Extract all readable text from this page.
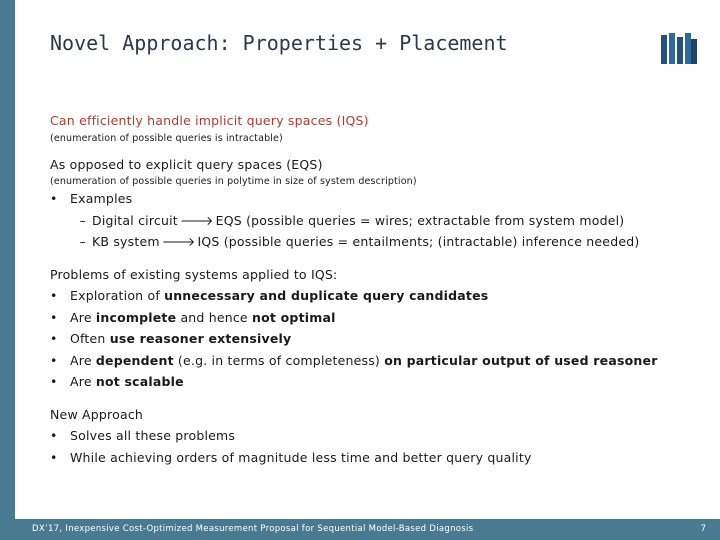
Novel Approach: Properties + Placement
Can efficiently handle implicit query spaces (IQS)
(enumeration of possible queries is intractable)
As opposed to explicit query spaces (EQS)
(enumeration of possible queries in polytime in size of system description)
• Examples
– Digital circuit 🡒 EQS (possible queries = wires; extractable from system model)
– KB system 🡒 IQS (possible queries = entailments; (intractable) inference needed)
Problems of existing systems applied to IQS:
• Exploration of unnecessary and duplicate query candidates
• Are incomplete and hence not optimal
• Often use reasoner extensively
• Are dependent (e.g. in terms of completeness) on particular output of used reasoner
• Are not scalable
New Approach
• Solves all these problems
• While achieving orders of magnitude less time and better query quality
DX’17, Inexpensive Cost-Optimized Measurement Proposal for Sequential Model-Based Diagnosis	7
